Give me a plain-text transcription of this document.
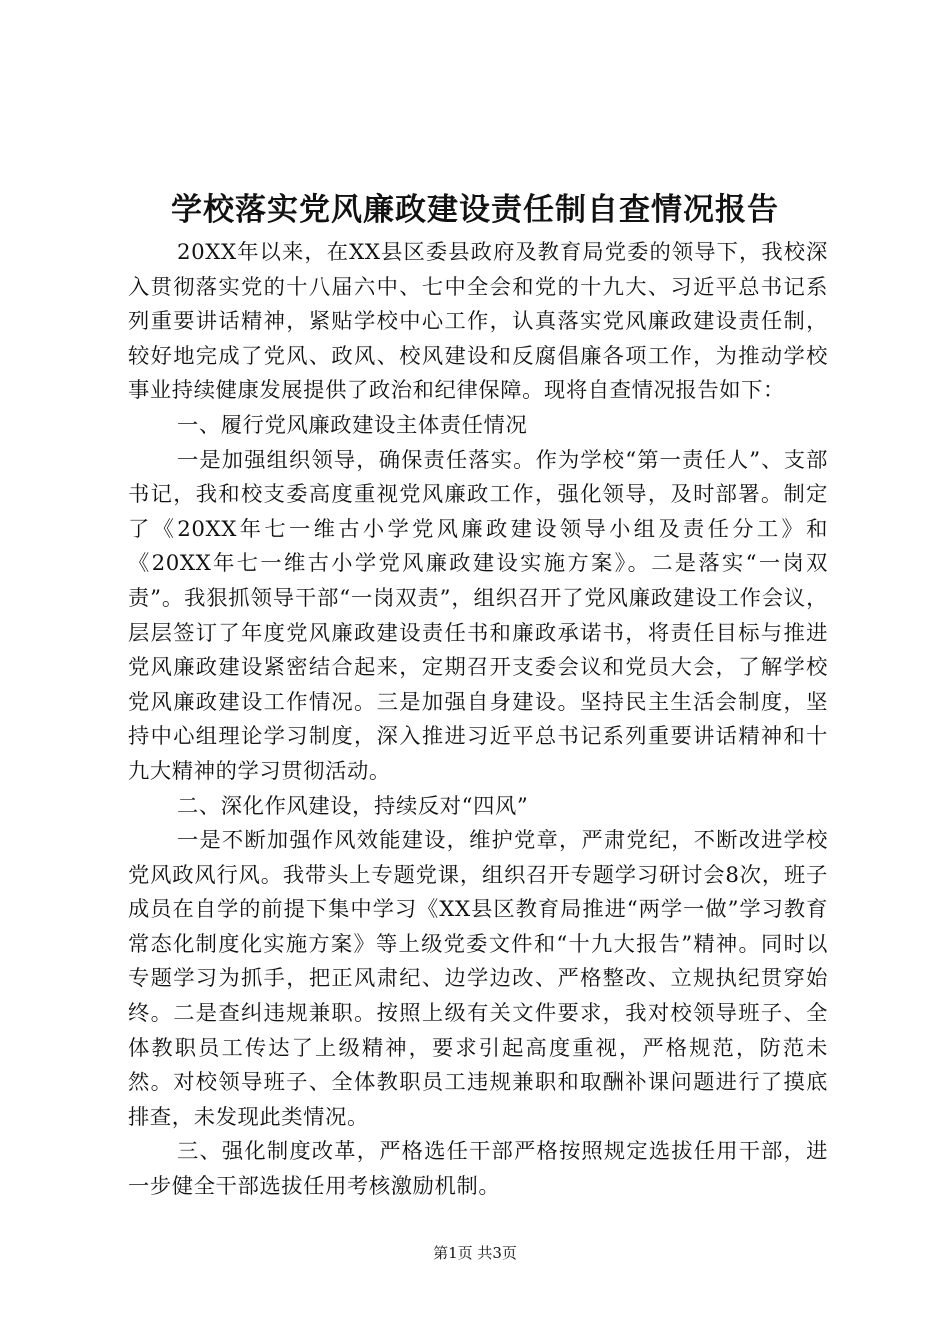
学校落实党风廉政建设责任制自查情况报告

20XX年以来，在XX县区委县政府及教育局党委的领导下，我校深入贯彻落实党的十八届六中、七中全会和党的十九大、习近平总书记系列重要讲话精神，紧贴学校中心工作，认真落实党风廉政建设责任制，较好地完成了党风、政风、校风建设和反腐倡廉各项工作，为推动学校事业持续健康发展提供了政治和纪律保障。现将自查情况报告如下：

一、履行党风廉政建设主体责任情况

一是加强组织领导，确保责任落实。作为学校“第一责任人”、支部书记，我和校支委高度重视党风廉政工作，强化领导，及时部署。制定了《20XX年七一维古小学党风廉政建设领导小组及责任分工》和《20XX年七一维古小学党风廉政建设实施方案》。二是落实“一岗双责”。我狠抓领导干部“一岗双责”，组织召开了党风廉政建设工作会议，层层签订了年度党风廉政建设责任书和廉政承诺书，将责任目标与推进党风廉政建设紧密结合起来，定期召开支委会议和党员大会，了解学校党风廉政建设工作情况。三是加强自身建设。坚持民主生活会制度，坚持中心组理论学习制度，深入推进习近平总书记系列重要讲话精神和十九大精神的学习贯彻活动。

二、深化作风建设，持续反对“四风”

一是不断加强作风效能建设，维护党章，严肃党纪，不断改进学校党风政风行风。我带头上专题党课，组织召开专题学习研讨会8次，班子成员在自学的前提下集中学习《XX县区教育局推进“两学一做”学习教育常态化制度化实施方案》等上级党委文件和“十九大报告”精神。同时以专题学习为抓手，把正风肃纪、边学边改、严格整改、立规执纪贯穿始终。二是查纠违规兼职。按照上级有关文件要求，我对校领导班子、全体教职员工传达了上级精神，要求引起高度重视，严格规范，防范未然。对校领导班子、全体教职员工违规兼职和取酬补课问题进行了摸底排查，未发现此类情况。

三、强化制度改革，严格选任干部严格按照规定选拔任用干部，进一步健全干部选拔任用考核激励机制。

第1页 共3页
